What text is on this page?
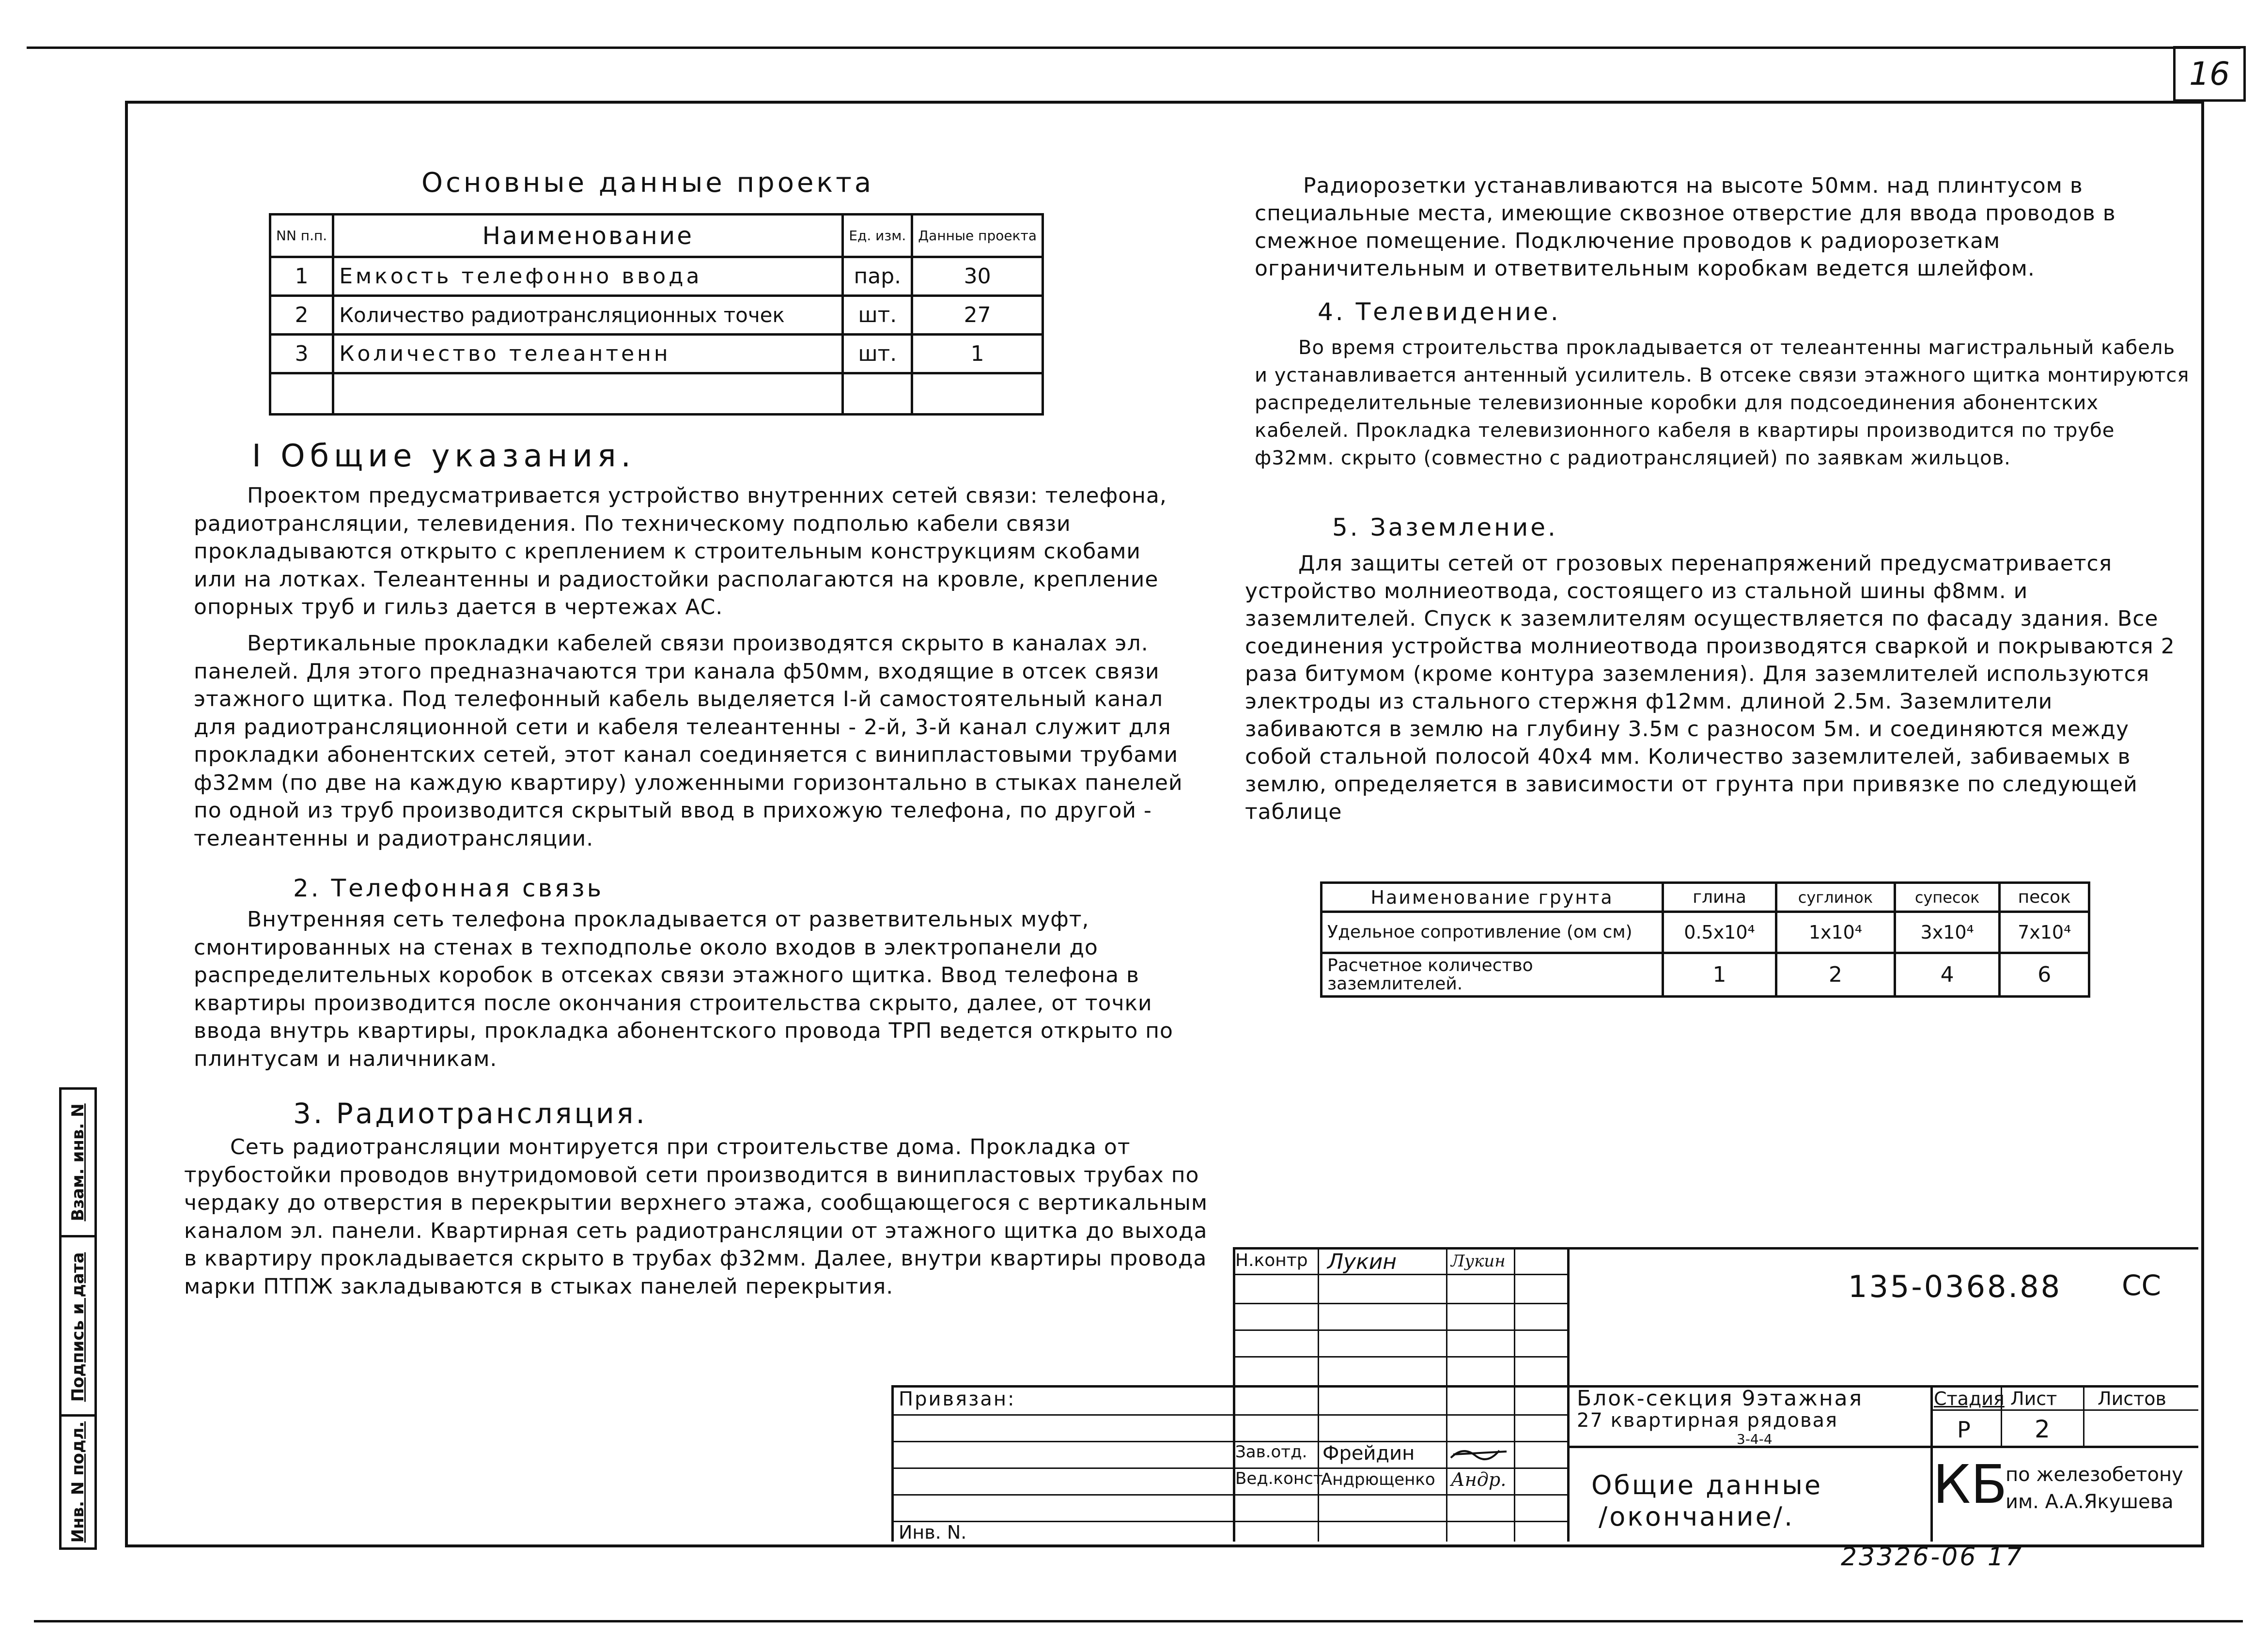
16
Взам. инв. N
Подпись и дата
Инв. N подл.
Основные данные проекта
NN п.п.	Наименование	Ед. изм.	Данные проекта
1	Емкость телефонно ввода	пар.	30
2	Количество радиотрансляционных точек	шт.	27
3	Количество телеантенн	шт.	1

I Общие указания.
Проектом предусматривается устройство внутренних сетей связи: телефона, радиотрансляции, телевидения. По техническому подполью кабели связи прокладываются открыто с креплением к строительным конструкциям скобами или на лотках. Телеантенны и радиостойки располагаются на кровле, крепление опорных труб и гильз дается в чертежах АС.
Вертикальные прокладки кабелей связи производятся скрыто в каналах эл. панелей. Для этого предназначаются три канала ф50мм, входящие в отсек связи этажного щитка. Под телефонный кабель выделяется I-й самостоятельный канал для радиотрансляционной сети и кабеля телеантенны - 2-й, 3-й канал служит для прокладки абонентских сетей, этот канал соединяется с винипластовыми трубами ф32мм (по две на каждую квартиру) уложенными горизонтально в стыках панелей по одной из труб производится скрытый ввод в прихожую телефона, по другой - телеантенны и радиотрансляции.
2. Телефонная связь
Внутренняя сеть телефона прокладывается от разветвительных муфт, смонтированных на стенах в техподполье около входов в электропанели до распределительных коробок в отсеках связи этажного щитка. Ввод телефона в квартиры производится после окончания строительства скрыто, далее, от точки ввода внутрь квартиры, прокладка абонентского провода ТРП ведется открыто по плинтусам и наличникам.
3. Радиотрансляция.
Сеть радиотрансляции монтируется при строительстве дома. Прокладка от трубостойки проводов внутридомовой сети производится в винипластовых трубах по чердаку до отверстия в перекрытии верхнего этажа, сообщающегося с вертикальным каналом эл. панели. Квартирная сеть радиотрансляции от этажного щитка до выхода в квартиру прокладывается скрыто в трубах ф32мм. Далее, внутри квартиры провода марки ПТПЖ закладываются в стыках панелей перекрытия.
Радиорозетки устанавливаются на высоте 50мм. над плинтусом в специальные места, имеющие сквозное отверстие для ввода проводов в смежное помещение. Подключение проводов к радиорозеткам ограничительным и ответвительным коробкам ведется шлейфом.
4. Телевидение.
Во время строительства прокладывается от телеантенны магистральный кабель и устанавливается антенный усилитель. В отсеке связи этажного щитка монтируются распределительные телевизионные коробки для подсоединения абонентских кабелей. Прокладка телевизионного кабеля в квартиры производится по трубе ф32мм. скрыто (совместно с радиотрансляцией) по заявкам жильцов.
5. Заземление.
Для защиты сетей от грозовых перенапряжений предусматривается устройство молниеотвода, состоящего из стальной шины ф8мм. и заземлителей. Спуск к заземлителям осуществляется по фасаду здания. Все соединения устройства молниеотвода производятся сваркой и покрываются 2 раза битумом (кроме контура заземления). Для заземлителей используются электроды из стального стержня ф12мм. длиной 2.5м. Заземлители забиваются в землю на глубину 3.5м с разносом 5м. и соединяются между собой стальной полосой 40х4 мм. Количество заземлителей, забиваемых в землю, определяется в зависимости от грунта при привязке по следующей таблице
Наименование грунта	глина	суглинок	супесок	песок
Удельное сопротивление (ом см)	0.5х10⁴	1х10⁴	3х10⁴	7х10⁴
Расчетное количество заземлителей.	1	2	4	6
Н.контр Лукин	Лукин
Привязан:
Зав.отд. Фрейдин
Вед.конст
Андрющенко Андр.
Инв. N.
135-0368.88 СС
Блок-секция 9этажная
27 квартирная рядовая
3-4-4
Общие данные
/окончание/.
Стадия Лист Листов
Р	2
КБ
по железобетону
им. А.А.Якушева
23326-06 17
